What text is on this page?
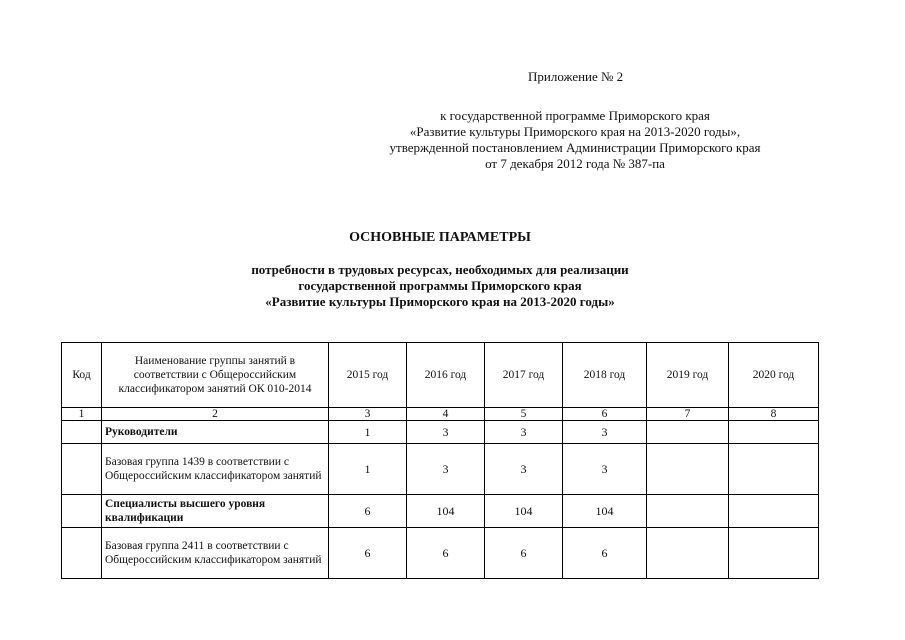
Приложение № 2
к государственной программе Приморского края
«Развитие культуры Приморского края на 2013-2020 годы»,
утвержденной постановлением Администрации Приморского края
от 7 декабря 2012 года № 387-па
ОСНОВНЫЕ ПАРАМЕТРЫ
потребности в трудовых ресурсах, необходимых для реализации
государственной программы Приморского края
«Развитие культуры Приморского края на 2013-2020 годы»
Код	Наименование группы занятий в соответствии с Общероссийским классификатором занятий ОК 010-2014	2015 год	2016 год	2017 год	2018 год	2019 год	2020 год
1	2	3	4	5	6	7	8
	Руководители	1	3	3	3		
	Базовая группа 1439 в соответствии с Общероссийским классификатором занятий	1	3	3	3		
	Специалисты высшего уровня квалификации	6	104	104	104		
	Базовая группа 2411 в соответствии с Общероссийским классификатором занятий	6	6	6	6		
